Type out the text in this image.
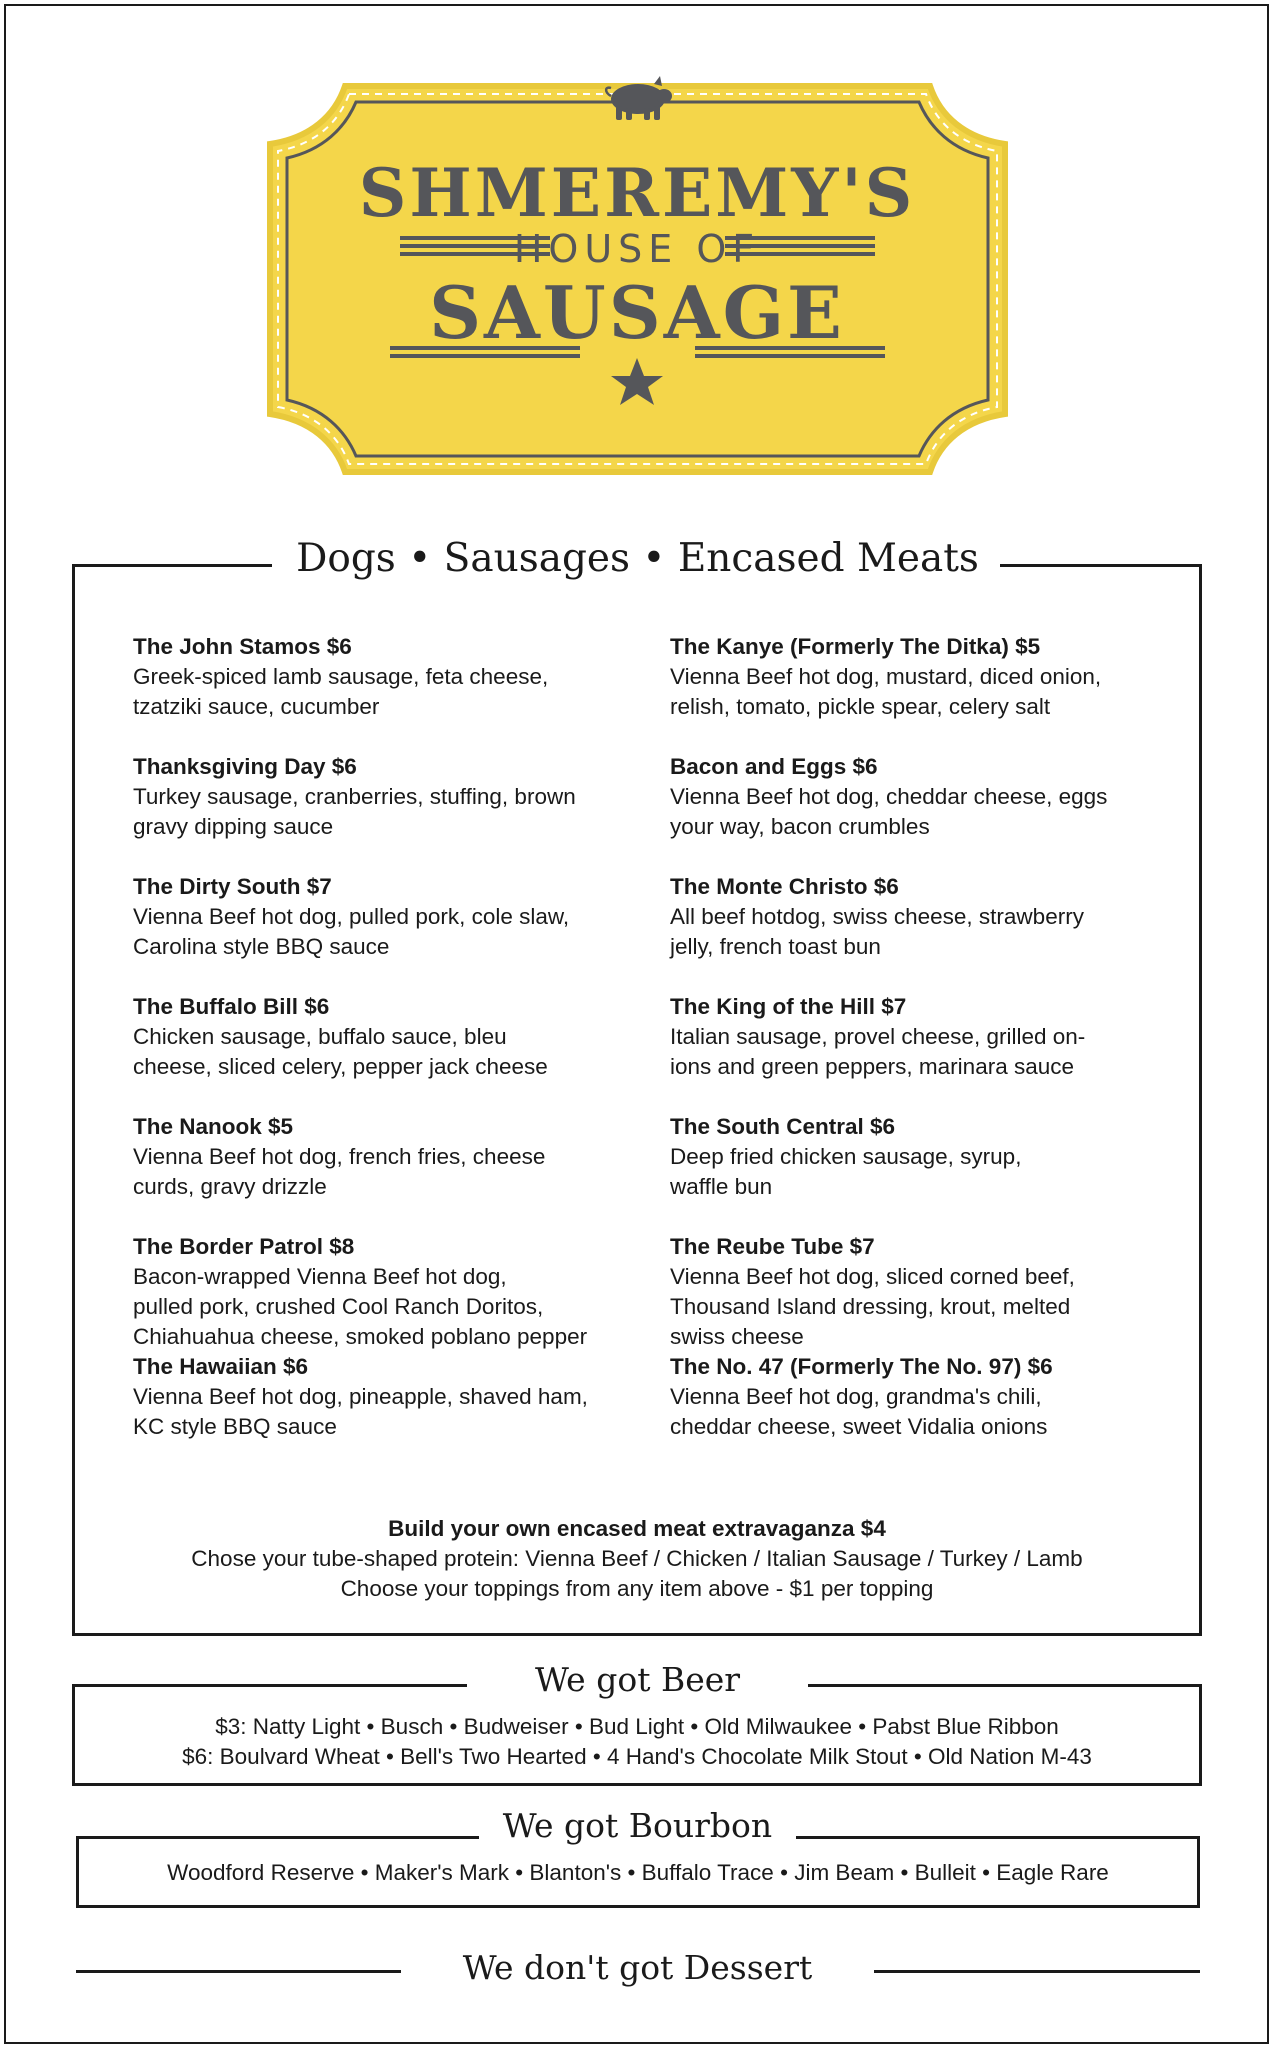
SHMEREMY'S
HOUSE OF
SAUSAGE
Dogs • Sausages • Encased Meats
The John Stamos $6
Greek-spiced lamb sausage, feta cheese,
tzatziki sauce, cucumber
Thanksgiving Day $6
Turkey sausage, cranberries, stuffing, brown
gravy dipping sauce
The Dirty South $7
Vienna Beef hot dog, pulled pork, cole slaw,
Carolina style BBQ sauce
The Buffalo Bill $6
Chicken sausage, buffalo sauce, bleu
cheese, sliced celery, pepper jack cheese
The Nanook $5
Vienna Beef hot dog, french fries, cheese
curds, gravy drizzle
The Border Patrol $8
Bacon-wrapped Vienna Beef hot dog,
pulled pork, crushed Cool Ranch Doritos,
Chiahuahua cheese, smoked poblano pepper
The Hawaiian $6
Vienna Beef hot dog, pineapple, shaved ham,
KC style BBQ sauce
The Kanye (Formerly The Ditka) $5
Vienna Beef hot dog, mustard, diced onion,
relish, tomato, pickle spear, celery salt
Bacon and Eggs $6
Vienna Beef hot dog, cheddar cheese, eggs
your way, bacon crumbles
The Monte Christo $6
All beef hotdog, swiss cheese, strawberry
jelly, french toast bun
The King of the Hill $7
Italian sausage, provel cheese, grilled on-
ions and green peppers, marinara sauce
The South Central $6
Deep fried chicken sausage, syrup,
waffle bun
The Reube Tube $7
Vienna Beef hot dog, sliced corned beef,
Thousand Island dressing, krout, melted
swiss cheese
The No. 47 (Formerly The No. 97) $6
Vienna Beef hot dog, grandma's chili,
cheddar cheese, sweet Vidalia onions
Build your own encased meat extravaganza $4
Chose your tube-shaped protein: Vienna Beef / Chicken / Italian Sausage / Turkey / Lamb
Choose your toppings from any item above - $1 per topping
We got Beer
$3: Natty Light • Busch • Budweiser • Bud Light • Old Milwaukee • Pabst Blue Ribbon
$6: Boulvard Wheat • Bell's Two Hearted • 4 Hand's Chocolate Milk Stout • Old Nation M-43
We got Bourbon
Woodford Reserve • Maker's Mark • Blanton's • Buffalo Trace • Jim Beam • Bulleit • Eagle Rare
We don't got Dessert
